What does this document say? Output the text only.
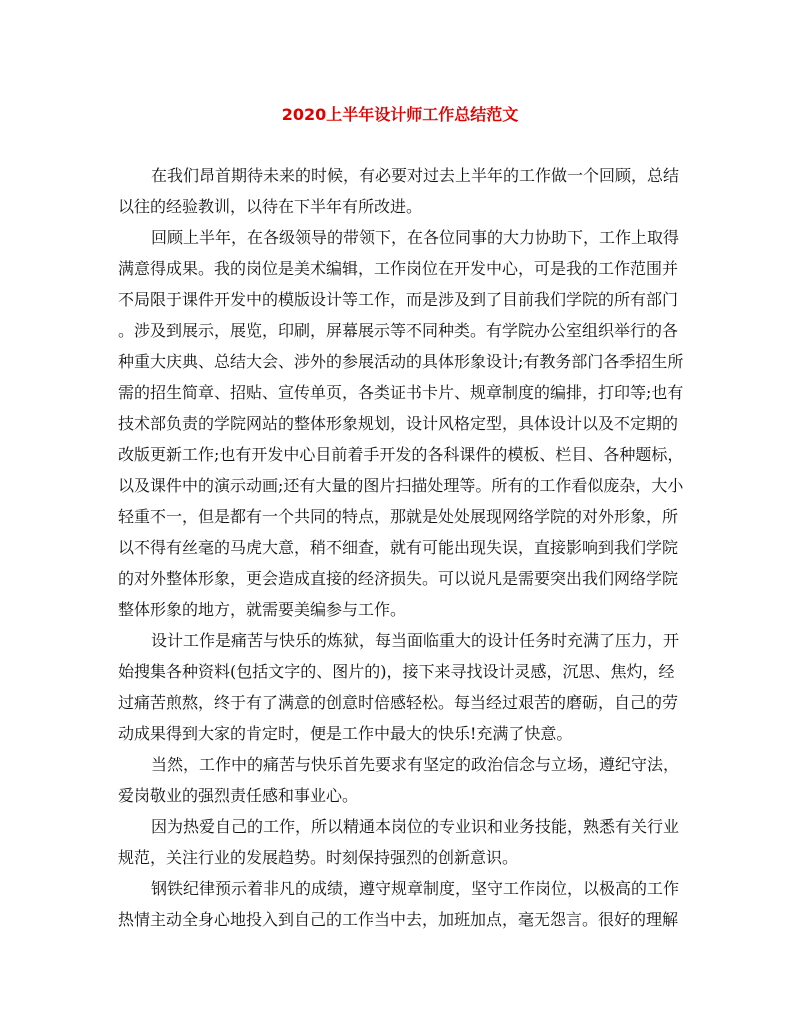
2020上半年设计师工作总结范文
在我们昂首期待未来的时候，有必要对过去上半年的工作做一个回顾，总结
以往的经验教训，以待在下半年有所改进。
回顾上半年，在各级领导的带领下，在各位同事的大力协助下，工作上取得
满意得成果。我的岗位是美术编辑，工作岗位在开发中心，可是我的工作范围并
不局限于课件开发中的模版设计等工作，而是涉及到了目前我们学院的所有部门
。涉及到展示，展览，印刷，屏幕展示等不同种类。有学院办公室组织举行的各
种重大庆典、总结大会、涉外的参展活动的具体形象设计;有教务部门各季招生所
需的招生简章、招贴、宣传单页，各类证书卡片、规章制度的编排，打印等;也有
技术部负责的学院网站的整体形象规划，设计风格定型，具体设计以及不定期的
改版更新工作;也有开发中心目前着手开发的各科课件的模板、栏目、各种题标，
以及课件中的演示动画;还有大量的图片扫描处理等。所有的工作看似庞杂，大小
轻重不一，但是都有一个共同的特点，那就是处处展现网络学院的对外形象，所
以不得有丝毫的马虎大意，稍不细查，就有可能出现失误，直接影响到我们学院
的对外整体形象，更会造成直接的经济损失。可以说凡是需要突出我们网络学院
整体形象的地方，就需要美编参与工作。
设计工作是痛苦与快乐的炼狱，每当面临重大的设计任务时充满了压力，开
始搜集各种资料(包括文字的、图片的)，接下来寻找设计灵感，沉思、焦灼，经
过痛苦煎熬，终于有了满意的创意时倍感轻松。每当经过艰苦的磨砺，自己的劳
动成果得到大家的肯定时，便是工作中最大的快乐!充满了快意。
当然，工作中的痛苦与快乐首先要求有坚定的政治信念与立场，遵纪守法，
爱岗敬业的强烈责任感和事业心。
因为热爱自己的工作，所以精通本岗位的专业识和业务技能，熟悉有关行业
规范，关注行业的发展趋势。时刻保持强烈的创新意识。
钢铁纪律预示着非凡的成绩，遵守规章制度，坚守工作岗位，以极高的工作
热情主动全身心地投入到自己的工作当中去，加班加点，毫无怨言。很好的理解
